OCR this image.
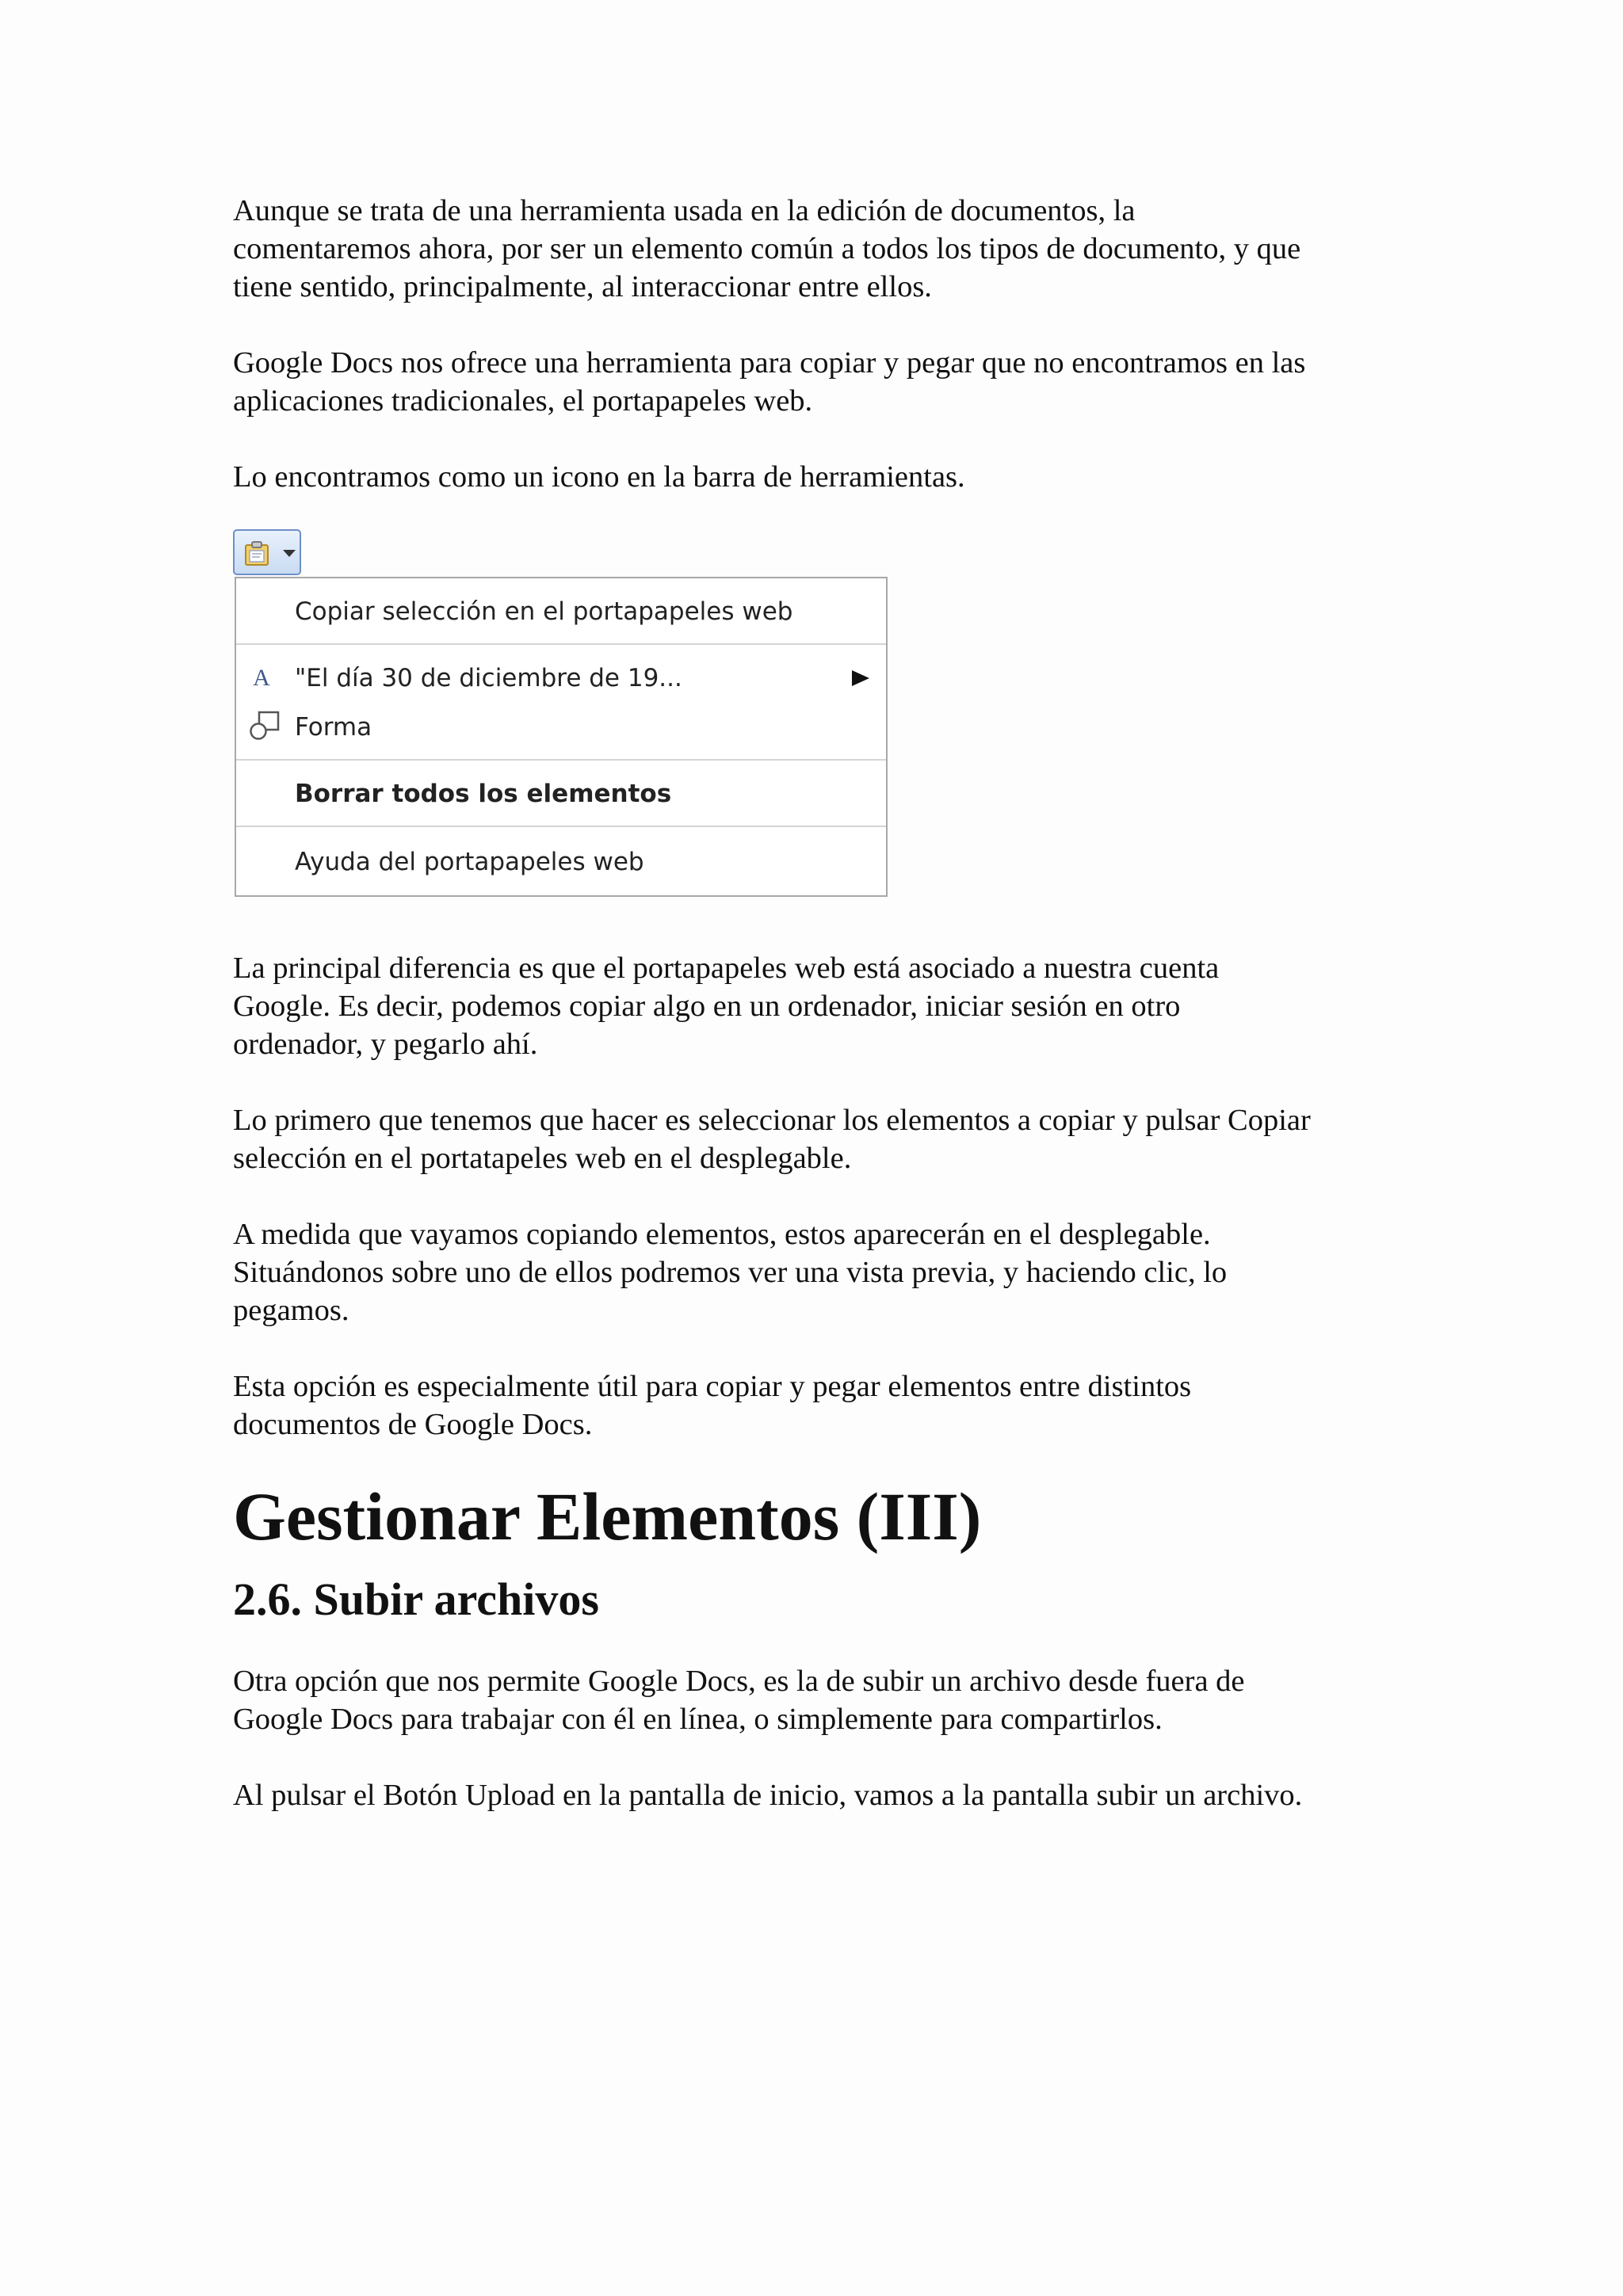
Aunque se trata de una herramienta usada en la edición de documentos, la
comentaremos ahora, por ser un elemento común a todos los tipos de documento, y que
tiene sentido, principalmente, al interaccionar entre ellos.

Google Docs nos ofrece una herramienta para copiar y pegar que no encontramos en las
aplicaciones tradicionales, el portapapeles web.

Lo encontramos como un icono en la barra de herramientas.

Copiar selección en el portapapeles web
A "El día 30 de diciembre de 19...
Forma
Borrar todos los elementos
Ayuda del portapapeles web

La principal diferencia es que el portapapeles web está asociado a nuestra cuenta
Google. Es decir, podemos copiar algo en un ordenador, iniciar sesión en otro
ordenador, y pegarlo ahí.

Lo primero que tenemos que hacer es seleccionar los elementos a copiar y pulsar Copiar
selección en el portatapeles web en el desplegable.

A medida que vayamos copiando elementos, estos aparecerán en el desplegable.
Situándonos sobre uno de ellos podremos ver una vista previa, y haciendo clic, lo
pegamos.

Esta opción es especialmente útil para copiar y pegar elementos entre distintos
documentos de Google Docs.

Gestionar Elementos (III)
2.6. Subir archivos

Otra opción que nos permite Google Docs, es la de subir un archivo desde fuera de
Google Docs para trabajar con él en línea, o simplemente para compartirlos.

Al pulsar el Botón Upload en la pantalla de inicio, vamos a la pantalla subir un archivo.
